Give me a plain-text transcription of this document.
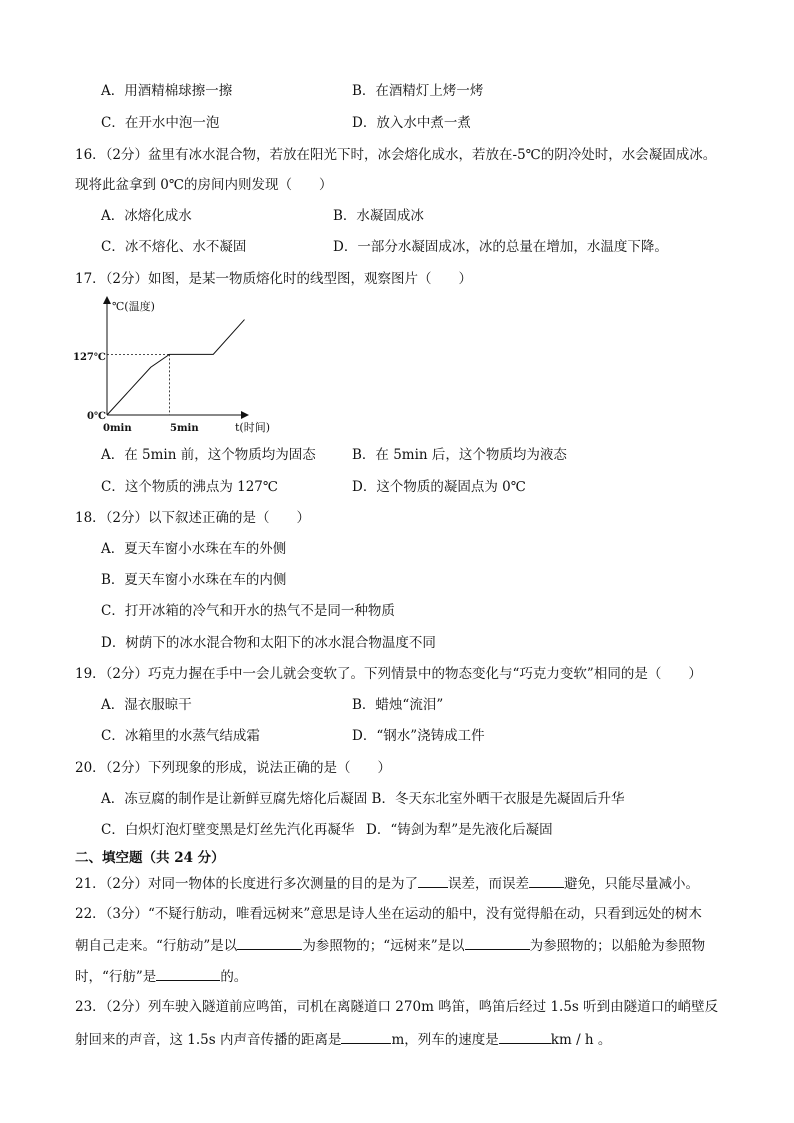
A．用酒精棉球擦一擦	B．在酒精灯上烤一烤
C．在开水中泡一泡	D．放入水中煮一煮
16．（2分）盆里有冰水混合物，若放在阳光下时，冰会熔化成水，若放在-5℃的阴冷处时，水会凝固成冰。
现将此盆拿到 0℃的房间内则发现（　　）
A．冰熔化成水	B．水凝固成冰
C．冰不熔化、水不凝固	D．一部分水凝固成冰，冰的总量在增加，水温度下降。
17．（2分）如图，是某一物质熔化时的线型图，观察图片（　　）
℃(温度)
t(时间)
0min	5min
0℃
127℃
A．在 5min 前，这个物质均为固态	B．在 5min 后，这个物质均为液态
C．这个物质的沸点为 127℃	D．这个物质的凝固点为 0℃
18．（2分）以下叙述正确的是（　　）
A．夏天车窗小水珠在车的外侧
B．夏天车窗小水珠在车的内侧
C．打开冰箱的冷气和开水的热气不是同一种物质
D．树荫下的冰水混合物和太阳下的冰水混合物温度不同
19．（2分）巧克力握在手中一会儿就会变软了。下列情景中的物态变化与“巧克力变软”相同的是（　　）
A．湿衣服晾干	B．蜡烛“流泪”
C．冰箱里的水蒸气结成霜	D．“钢水”浇铸成工件
20．（2分）下列现象的形成，说法正确的是（　　）
A．冻豆腐的制作是让新鲜豆腐先熔化后凝固 B．冬天东北室外晒干衣服是先凝固后升华
C．白炽灯泡灯壁变黑是灯丝先汽化再凝华 D．“铸剑为犁”是先液化后凝固
二、填空题（共 24 分）
21．（2分）对同一物体的长度进行多次测量的目的是为了 误差，而误差	避免，只能尽量减小。
22．（3分）“不疑行舫动，唯看远树来”意思是诗人坐在运动的船中，没有觉得船在动，只看到远处的树木
朝自己走来。“行舫动”是以	为参照物的；“远树来”是以	为参照物的；以船舱为参照物
时，“行舫”是	的。
23．（2分）列车驶入隧道前应鸣笛，司机在离隧道口 270m 鸣笛，鸣笛后经过 1.5s 听到由隧道口的峭壁反
射回来的声音，这 1.5s 内声音传播的距离是	m，列车的速度是	km / h 。
